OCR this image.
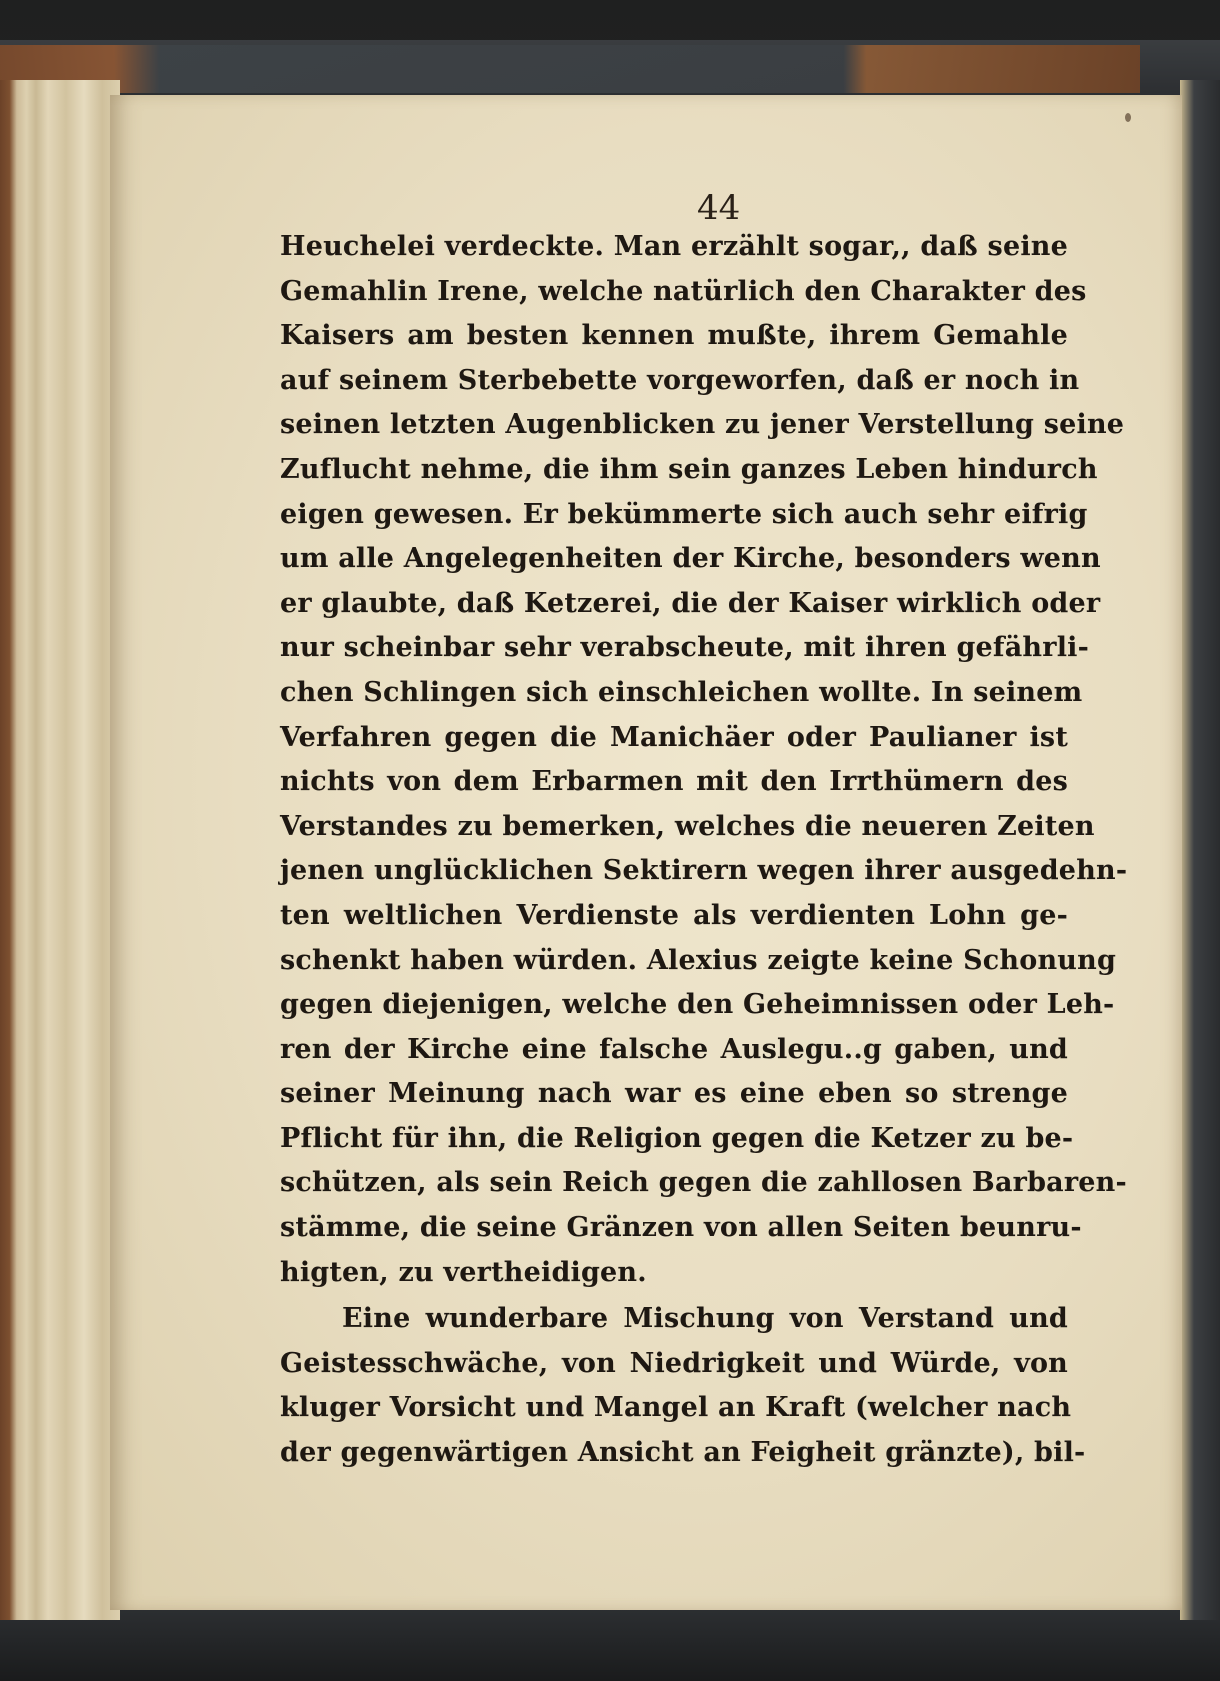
44

Heuchelei verdeckte. Man erzählt sogar,, daß seine
Gemahlin Irene, welche natürlich den Charakter des
Kaisers am besten kennen mußte, ihrem Gemahle
auf seinem Sterbebette vorgeworfen, daß er noch in
seinen letzten Augenblicken zu jener Verstellung seine
Zuflucht nehme, die ihm sein ganzes Leben hindurch
eigen gewesen. Er bekümmerte sich auch sehr eifrig
um alle Angelegenheiten der Kirche, besonders wenn
er glaubte, daß Ketzerei, die der Kaiser wirklich oder
nur scheinbar sehr verabscheute, mit ihren gefährli-
chen Schlingen sich einschleichen wollte. In seinem
Verfahren gegen die Manichäer oder Paulianer ist
nichts von dem Erbarmen mit den Irrthümern des
Verstandes zu bemerken, welches die neueren Zeiten
jenen unglücklichen Sektirern wegen ihrer ausgedehn-
ten weltlichen Verdienste als verdienten Lohn ge-
schenkt haben würden. Alexius zeigte keine Schonung
gegen diejenigen, welche den Geheimnissen oder Leh-
ren der Kirche eine falsche Auslegu..g gaben, und
seiner Meinung nach war es eine eben so strenge
Pflicht für ihn, die Religion gegen die Ketzer zu be-
schützen, als sein Reich gegen die zahllosen Barbaren-
stämme, die seine Gränzen von allen Seiten beunru-
higten, zu vertheidigen.
Eine wunderbare Mischung von Verstand und
Geistesschwäche, von Niedrigkeit und Würde, von
kluger Vorsicht und Mangel an Kraft (welcher nach
der gegenwärtigen Ansicht an Feigheit gränzte), bil-
